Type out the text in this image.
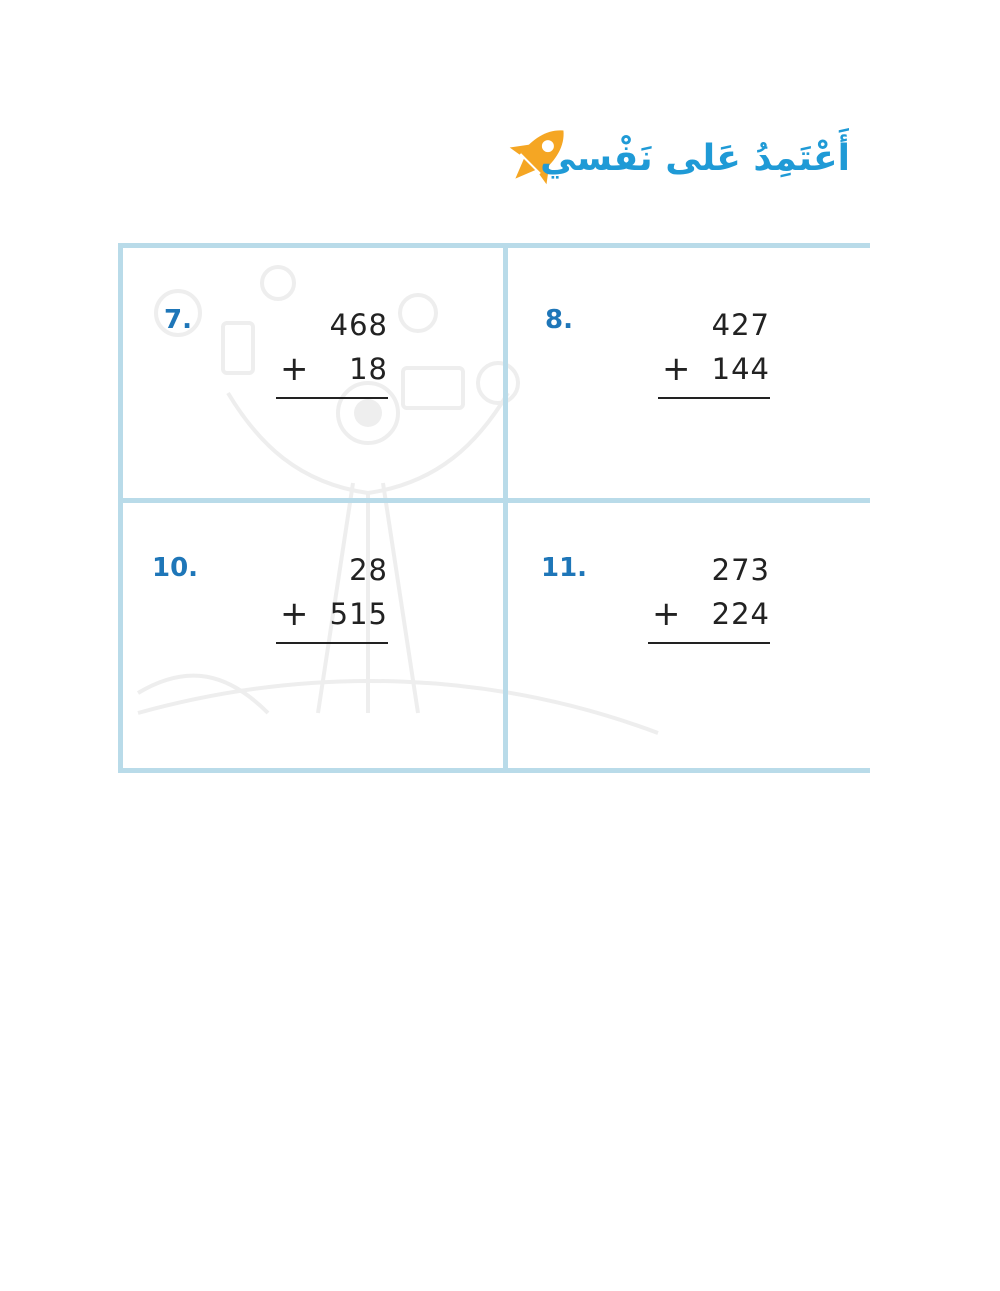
أَعْتَمِدُ عَلى نَفْسي
7.	468
+ 18
8.	427
+ 144
10.	28
+ 515
11.	273
+ 224
